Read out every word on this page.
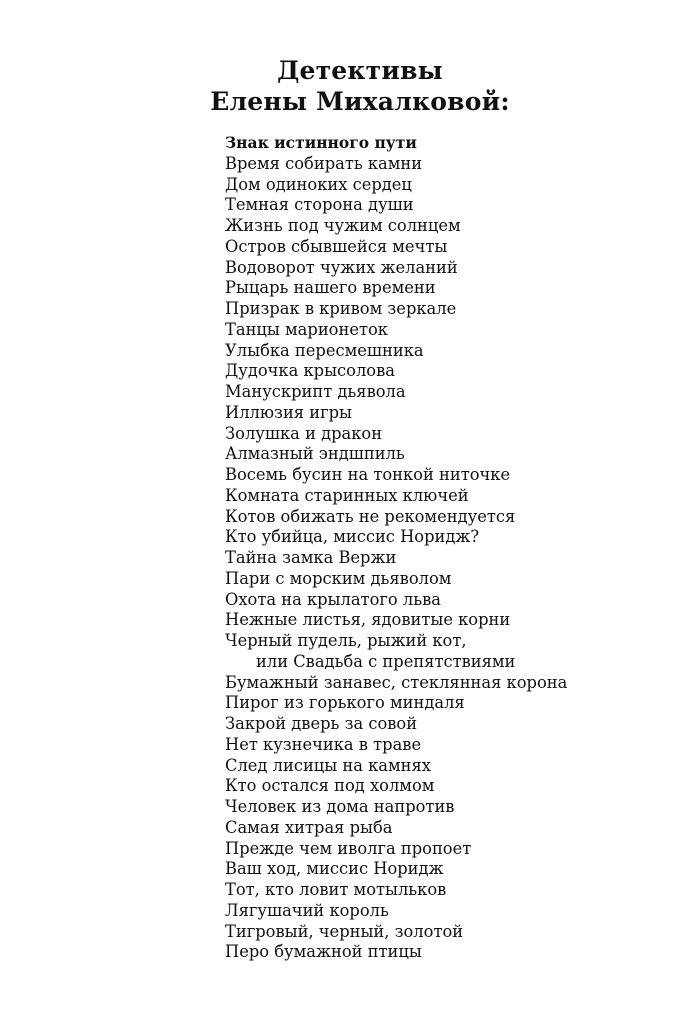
Детективы
Елены Михалковой:
Знак истинного пути
Время собирать камни
Дом одиноких сердец
Темная сторона души
Жизнь под чужим солнцем
Остров сбывшейся мечты
Водоворот чужих желаний
Рыцарь нашего времени
Призрак в кривом зеркале
Танцы марионеток
Улыбка пересмешника
Дудочка крысолова
Манускрипт дьявола
Иллюзия игры
Золушка и дракон
Алмазный эндшпиль
Восемь бусин на тонкой ниточке
Комната старинных ключей
Котов обижать не рекомендуется
Кто убийца, миссис Норидж?
Тайна замка Вержи
Пари с морским дьяволом
Охота на крылатого льва
Нежные листья, ядовитые корни
Черный пудель, рыжий кот,
или Свадьба с препятствиями
Бумажный занавес, стеклянная корона
Пирог из горького миндаля
Закрой дверь за совой
Нет кузнечика в траве
След лисицы на камнях
Кто остался под холмом
Человек из дома напротив
Самая хитрая рыба
Прежде чем иволга пропоет
Ваш ход, миссис Норидж
Тот, кто ловит мотыльков
Лягушачий король
Тигровый, черный, золотой
Перо бумажной птицы
